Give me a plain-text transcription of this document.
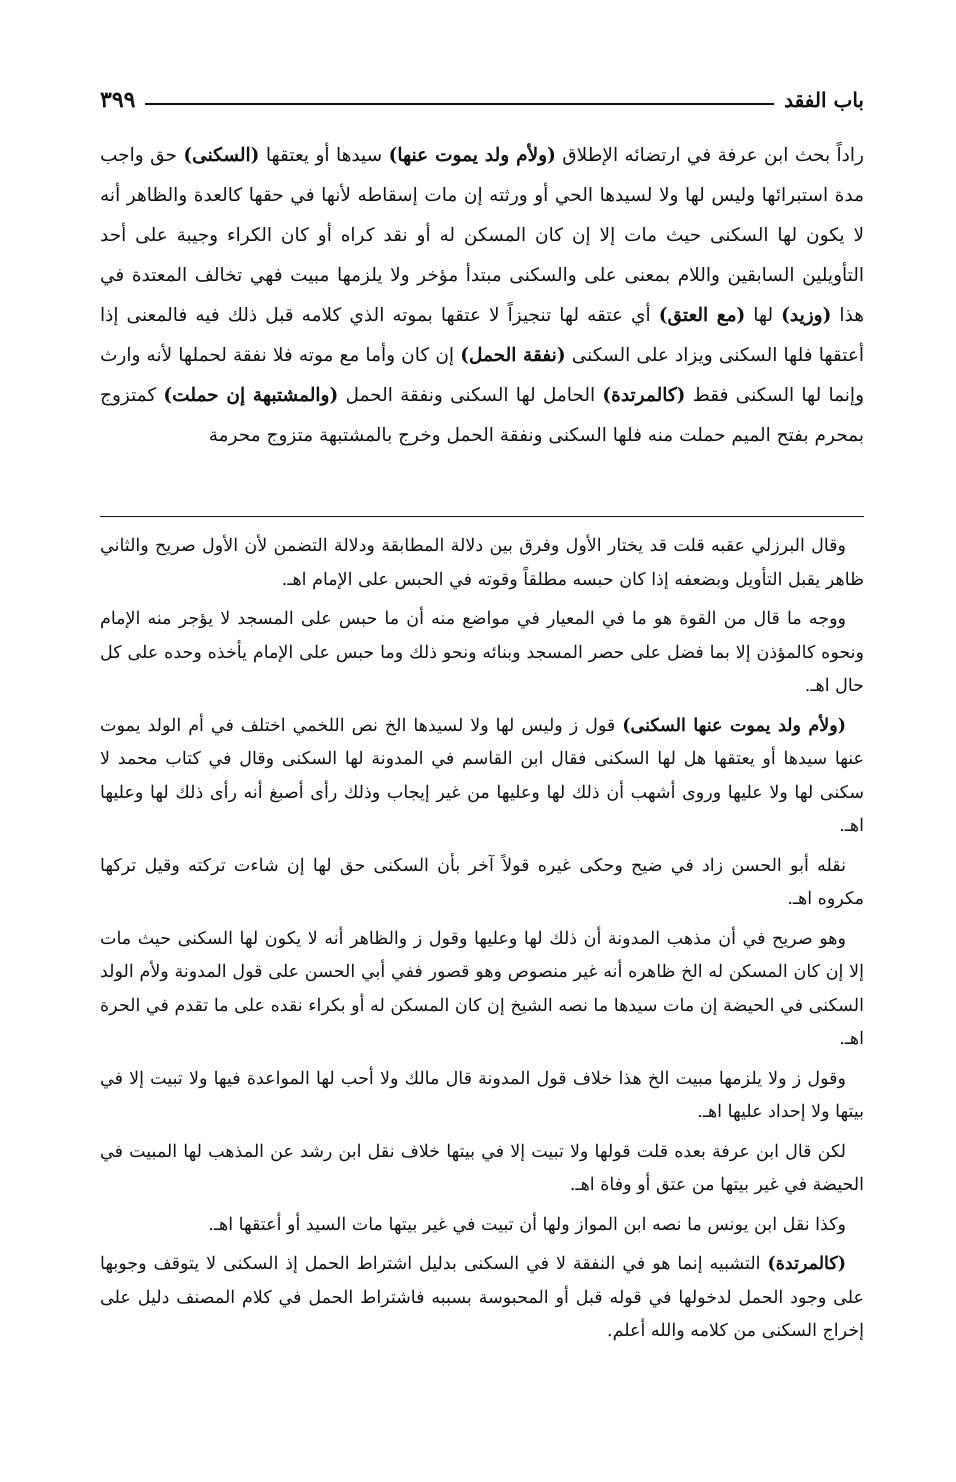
باب الفقد
٣٩٩
راداً بحث ابن عرفة في ارتضائه الإطلاق (ولأم ولد يموت عنها) سيدها أو يعتقها (السكنى) حق واجب مدة استبرائها وليس لها ولا لسيدها الحي أو ورثته إن مات إسقاطه لأنها في حقها كالعدة والظاهر أنه لا يكون لها السكنى حيث مات إلا إن كان المسكن له أو نقد كراه أو كان الكراء وجيبة على أحد التأويلين السابقين واللام بمعنى على والسكنى مبتدأ مؤخر ولا يلزمها مبيت فهي تخالف المعتدة في هذا (وزيد) لها (مع العتق) أي عتقه لها تنجيزاً لا عتقها بموته الذي كلامه قبل ذلك فيه فالمعنى إذا أعتقها فلها السكنى ويزاد على السكنى (نفقة الحمل) إن كان وأما مع موته فلا نفقة لحملها لأنه وارث وإنما لها السكنى فقط (كالمرتدة) الحامل لها السكنى ونفقة الحمل (والمشتبهة إن حملت) كمتزوج بمحرم بفتح الميم حملت منه فلها السكنى ونفقة الحمل وخرج بالمشتبهة متزوج محرمة

وقال البرزلي عقبه قلت قد يختار الأول وفرق بين دلالة المطابقة ودلالة التضمن لأن الأول صريح والثاني ظاهر يقبل التأويل وبضعفه إذا كان حبسه مطلقاً وقوته في الحبس على الإمام اهـ.

ووجه ما قال من القوة هو ما في المعيار في مواضع منه أن ما حبس على المسجد لا يؤجر منه الإمام ونحوه كالمؤذن إلا بما فضل على حصر المسجد وبنائه ونحو ذلك وما حبس على الإمام يأخذه وحده على كل حال اهـ.

(ولأم ولد يموت عنها السكنى) قول ز وليس لها ولا لسيدها الخ نص اللخمي اختلف في أم الولد يموت عنها سيدها أو يعتقها هل لها السكنى فقال ابن القاسم في المدونة لها السكنى وقال في كتاب محمد لا سكنى لها ولا عليها وروى أشهب أن ذلك لها وعليها من غير إيجاب وذلك رأى أصبغ أنه رأى ذلك لها وعليها اهـ.

نقله أبو الحسن زاد في ضيح وحكى غيره قولاً آخر بأن السكنى حق لها إن شاءت تركته وقيل تركها مكروه اهـ.

وهو صريح في أن مذهب المدونة أن ذلك لها وعليها وقول ز والظاهر أنه لا يكون لها السكنى حيث مات إلا إن كان المسكن له الخ ظاهره أنه غير منصوص وهو قصور ففي أبي الحسن على قول المدونة ولأم الولد السكنى في الحيضة إن مات سيدها ما نصه الشيخ إن كان المسكن له أو بكراء نقده على ما تقدم في الحرة اهـ.

وقول ز ولا يلزمها مبيت الخ هذا خلاف قول المدونة قال مالك ولا أحب لها المواعدة فيها ولا تبيت إلا في بيتها ولا إحداد عليها اهـ.

لكن قال ابن عرفة بعده قلت قولها ولا تبيت إلا في بيتها خلاف نقل ابن رشد عن المذهب لها المبيت في الحيضة في غير بيتها من عتق أو وفاة اهـ.

وكذا نقل ابن يونس ما نصه ابن المواز ولها أن تبيت في غير بيتها مات السيد أو أعتقها اهـ.

(كالمرتدة) التشبيه إنما هو في النفقة لا في السكنى بدليل اشتراط الحمل إذ السكنى لا يتوقف وجوبها على وجود الحمل لدخولها في قوله قبل أو المحبوسة بسببه فاشتراط الحمل في كلام المصنف دليل على إخراج السكنى من كلامه والله أعلم.
